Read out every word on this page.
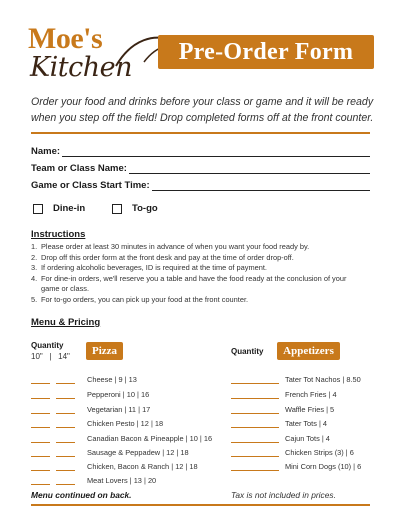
Moe's
Kitchen
Pre-Order Form
Order your food and drinks before your class or game and it will be ready when you step off the field! Drop completed forms off at the front counter.
Name:
Team or Class Name:
Game or Class Start Time:
Dine-in	To-go
Instructions
1. Please order at least 30 minutes in advance of when you want your food ready by.
2. Drop off this order form at the front desk and pay at the time of order drop-off.
3. If ordering alcoholic beverages, ID is required at the time of payment.
4. For dine-in orders, we'll reserve you a table and have the food ready at the conclusion of your game or class.
5. For to-go orders, you can pick up your food at the front counter.
Menu & Pricing
Quantity
10"   |   14"	Pizza	Quantity	Appetizers
Cheese | 9 | 13
Pepperoni | 10 | 16
Vegetarian | 11 | 17
Chicken Pesto | 12 | 18
Canadian Bacon & Pineapple | 10 | 16
Sausage & Peppadew | 12 | 18
Chicken, Bacon & Ranch | 12 | 18
Meat Lovers | 13 | 20
Tater Tot Nachos | 8.50
French Fries | 4
Waffle Fries | 5
Tater Tots | 4
Cajun Tots | 4
Chicken Strips (3) | 6
Mini Corn Dogs (10) | 6
Menu continued on back.	Tax is not included in prices.
